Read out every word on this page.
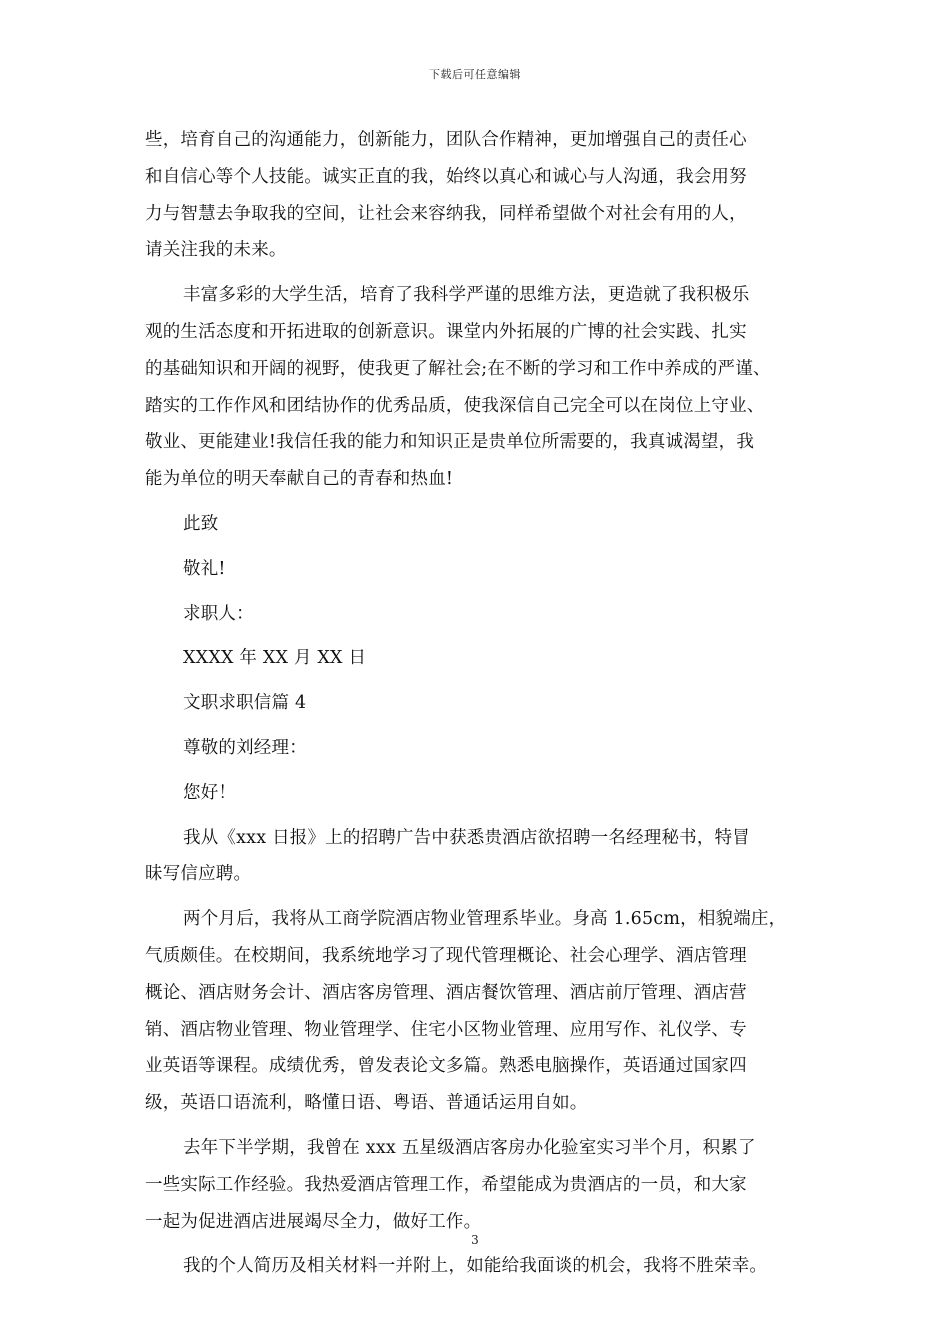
下载后可任意编辑

些，培育自己的沟通能力，创新能力，团队合作精神，更加增强自己的责任心

和自信心等个人技能。诚实正直的我，始终以真心和诚心与人沟通，我会用努

力与智慧去争取我的空间，让社会来容纳我，同样希望做个对社会有用的人，

请关注我的未来。

丰富多彩的大学生活，培育了我科学严谨的思维方法，更造就了我积极乐

观的生活态度和开拓进取的创新意识。课堂内外拓展的广博的社会实践、扎实

的基础知识和开阔的视野，使我更了解社会;在不断的学习和工作中养成的严谨、

踏实的工作作风和团结协作的优秀品质，使我深信自己完全可以在岗位上守业、

敬业、更能建业!我信任我的能力和知识正是贵单位所需要的，我真诚渴望，我

能为单位的明天奉献自己的青春和热血!

此致

敬礼!

求职人：

XXXX 年 XX 月 XX 日

文职求职信篇 4

尊敬的刘经理：

您好！

我从《xxx 日报》上的招聘广告中获悉贵酒店欲招聘一名经理秘书，特冒

昧写信应聘。

两个月后，我将从工商学院酒店物业管理系毕业。身高 1.65cm，相貌端庄，

气质颇佳。在校期间，我系统地学习了现代管理概论、社会心理学、酒店管理

概论、酒店财务会计、酒店客房管理、酒店餐饮管理、酒店前厅管理、酒店营

销、酒店物业管理、物业管理学、住宅小区物业管理、应用写作、礼仪学、专

业英语等课程。成绩优秀，曾发表论文多篇。熟悉电脑操作，英语通过国家四

级，英语口语流利，略懂日语、粤语、普通话运用自如。

去年下半学期，我曾在 xxx 五星级酒店客房办化验室实习半个月，积累了

一些实际工作经验。我热爱酒店管理工作，希望能成为贵酒店的一员，和大家

一起为促进酒店进展竭尽全力，做好工作。

我的个人简历及相关材料一并附上，如能给我面谈的机会，我将不胜荣幸。

3
